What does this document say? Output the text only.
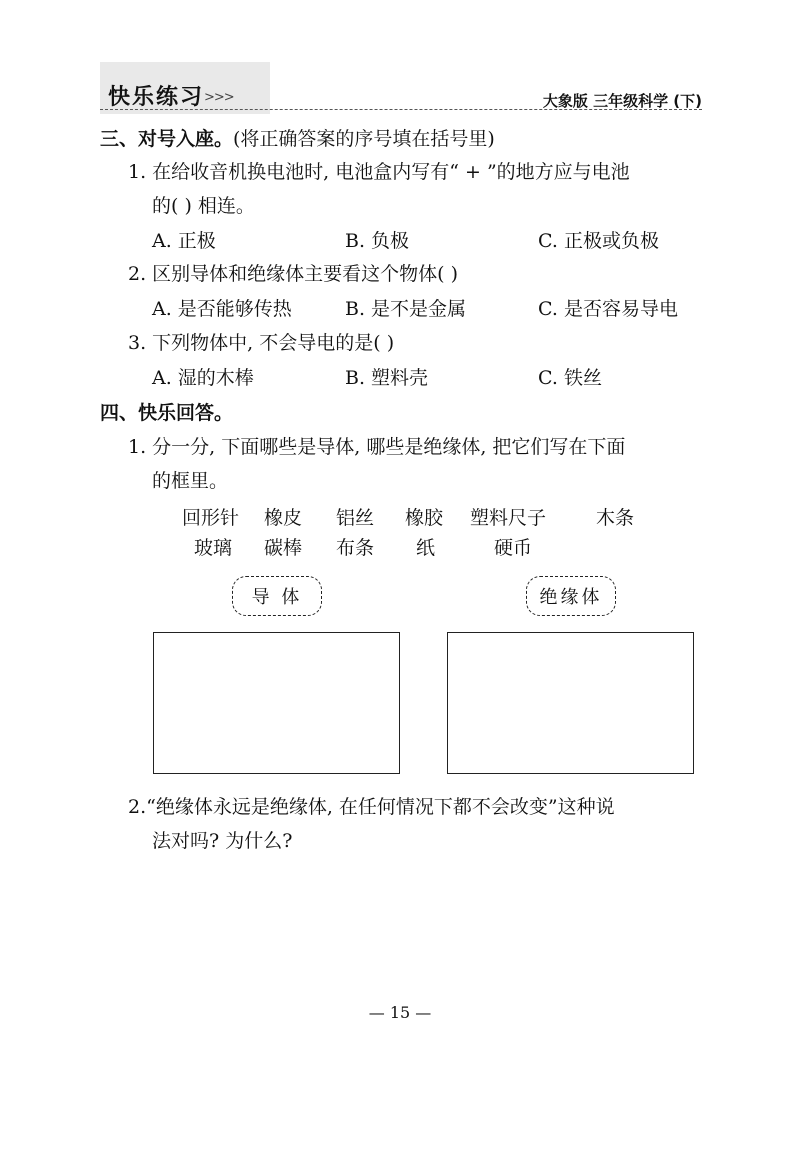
快乐练习 >>>	大象版 三年级科学 (下)
三、对号入座。(将正确答案的序号填在括号里)
1. 在给收音机换电池时, 电池盒内写有“ + ”的地方应与电池
的( ) 相连。
A. 正极	B. 负极	C. 正极或负极
2. 区别导体和绝缘体主要看这个物体( )
A. 是否能够传热	B. 是不是金属	C. 是否容易导电
3. 下列物体中, 不会导电的是( )
A. 湿的木棒	B. 塑料壳	C. 铁丝
四、快乐回答。
1. 分一分, 下面哪些是导体, 哪些是绝缘体, 把它们写在下面
的框里。
回形针 橡皮 铝丝 橡胶 塑料尺子	木条
玻璃 碳棒 布条 纸	硬币
导 体	绝缘体
2.“绝缘体永远是绝缘体, 在任何情况下都不会改变”这种说
法对吗? 为什么?
— 15 —
